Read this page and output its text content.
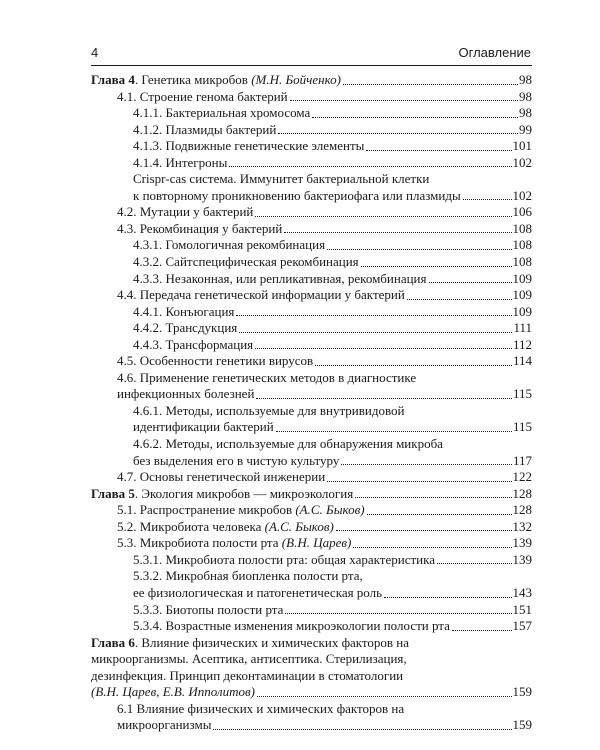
4	Оглавление
Глава 4. Генетика микробов (М.Н. Бойченко)	98
4.1. Строение генома бактерий	98
4.1.1. Бактериальная хромосома	98
4.1.2. Плазмиды бактерий	99
4.1.3. Подвижные генетические элементы	101
4.1.4. Интегроны	102
Crispr-cas система. Иммунитет бактериальной клетки
к повторному проникновению бактериофага или плазмиды	102
4.2. Мутации у бактерий	106
4.3. Рекомбинация у бактерий	108
4.3.1. Гомологичная рекомбинация	108
4.3.2. Сайтспецифическая рекомбинация	108
4.3.3. Незаконная, или репликативная, рекомбинация	109
4.4. Передача генетической информации у бактерий	109
4.4.1. Конъюгация	109
4.4.2. Трансдукция	111
4.4.3. Трансформация	112
4.5. Особенности генетики вирусов	114
4.6. Применение генетических методов в диагностике
инфекционных болезней	115
4.6.1. Методы, используемые для внутривидовой
идентификации бактерий	115
4.6.2. Методы, используемые для обнаружения микроба
без выделения его в чистую культуру	117
4.7. Основы генетической инженерии	122
Глава 5. Экология микробов — микроэкология	128
5.1. Распространение микробов (А.С. Быков)	128
5.2. Микробиота человека (А.С. Быков)	132
5.3. Микробиота полости рта (В.Н. Царев)	139
5.3.1. Микробиота полости рта: общая характеристика	139
5.3.2. Микробная биопленка полости рта,
ее физиологическая и патогенетическая роль	143
5.3.3. Биотопы полости рта	151
5.3.4. Возрастные изменения микроэкологии полости рта	157
Глава 6. Влияние физических и химических факторов на
микроорганизмы. Асептика, антисептика. Стерилизация,
дезинфекция. Принцип деконтаминации в стоматологии
(В.Н. Царев, Е.В. Ипполитов)	159
6.1 Влияние физических и химических факторов на
микроорганизмы	159
